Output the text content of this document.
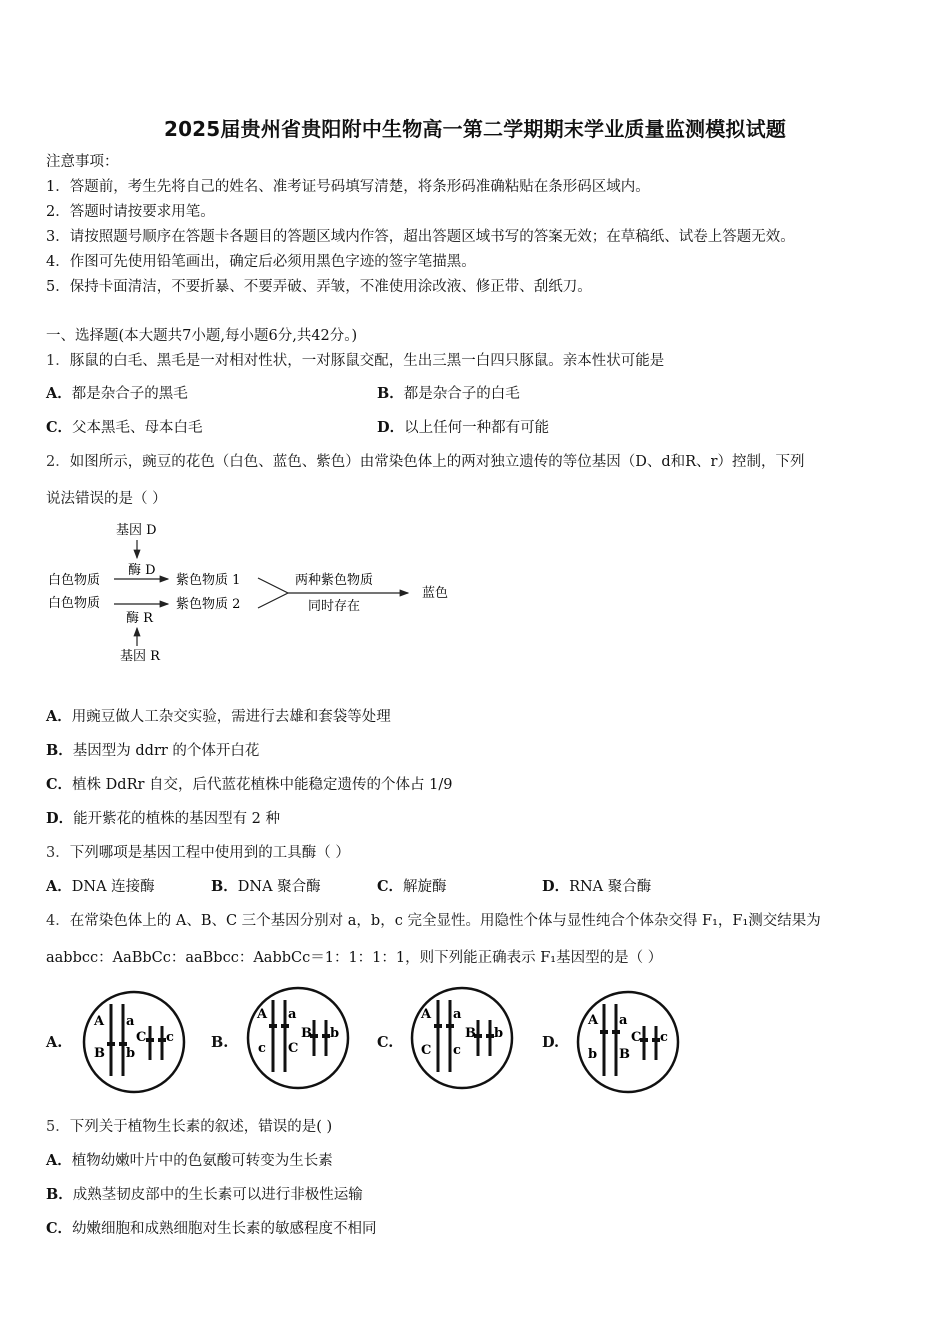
2025届贵州省贵阳附中生物高一第二学期期末学业质量监测模拟试题
注意事项：
1．答题前，考生先将自己的姓名、准考证号码填写清楚，将条形码准确粘贴在条形码区域内。
2．答题时请按要求用笔。
3．请按照题号顺序在答题卡各题目的答题区域内作答，超出答题区域书写的答案无效；在草稿纸、试卷上答题无效。
4．作图可先使用铅笔画出，确定后必须用黑色字迹的签字笔描黑。
5．保持卡面清洁，不要折暴、不要弄破、弄皱，不准使用涂改液、修正带、刮纸刀。
一、选择题(本大题共7小题,每小题6分,共42分。)
1．豚鼠的白毛、黑毛是一对相对性状，一对豚鼠交配，生出三黑一白四只豚鼠。亲本性状可能是
A．都是杂合子的黑毛	B．都是杂合子的白毛
C．父本黑毛、母本白毛	D．以上任何一种都有可能
2．如图所示，豌豆的花色（白色、蓝色、紫色）由常染色体上的两对独立遗传的等位基因（D、d和R、r）控制，下列
说法错误的是（ ）
基因 D
酶 D
白色物质	紫色物质 1
白色物质	紫色物质 2
两种紫色物质
同时存在
蓝色
酶 R
基因 R
A．用豌豆做人工杂交实验，需进行去雄和套袋等处理
B．基因型为 ddrr 的个体开白花
C．植株 DdRr 自交，后代蓝花植株中能稳定遗传的个体占 1/9
D．能开紫花的植株的基因型有 2 种
3．下列哪项是基因工程中使用到的工具酶（ ）
A．DNA 连接酶	B．DNA 聚合酶	C．解旋酶	D．RNA 聚合酶
4．在常染色体上的 A、B、C 三个基因分别对 a，b，c 完全显性。用隐性个体与显性纯合个体杂交得 F₁，F₁测交结果为
aabbcc：AaBbCc：aaBbcc：AabbCc＝1：1：1：1，则下列能正确表示 F₁基因型的是（ ）
A.
A a
B b
C c	B.
A a
c C
B b
C.
A a
C c
B b
D.
A a
b B
C c
5．下列关于植物生长素的叙述，错误的是( )
A．植物幼嫩叶片中的色氨酸可转变为生长素
B．成熟茎韧皮部中的生长素可以进行非极性运输
C．幼嫩细胞和成熟细胞对生长素的敏感程度不相同
